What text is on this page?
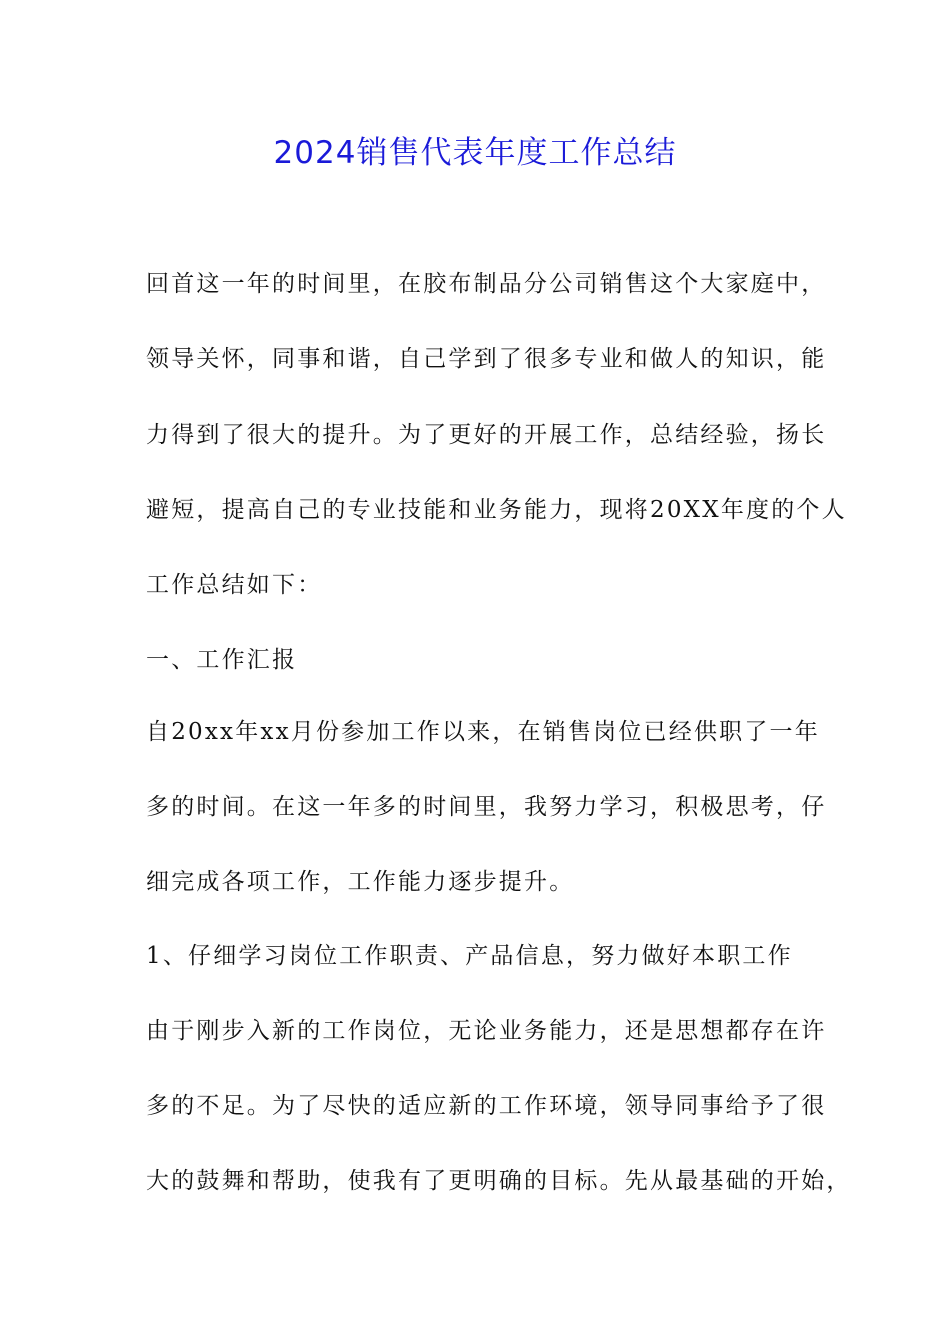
2024销售代表年度工作总结
回首这一年的时间里，在胶布制品分公司销售这个大家庭中，
领导关怀，同事和谐，自己学到了很多专业和做人的知识，能
力得到了很大的提升。为了更好的开展工作，总结经验，扬长
避短，提高自己的专业技能和业务能力，现将20XX年度的个人
工作总结如下：
一、工作汇报
自20xx年xx月份参加工作以来，在销售岗位已经供职了一年
多的时间。在这一年多的时间里，我努力学习，积极思考，仔
细完成各项工作，工作能力逐步提升。
1、仔细学习岗位工作职责、产品信息，努力做好本职工作
由于刚步入新的工作岗位，无论业务能力，还是思想都存在许
多的不足。为了尽快的适应新的工作环境，领导同事给予了很
大的鼓舞和帮助，使我有了更明确的目标。先从最基础的开始，
